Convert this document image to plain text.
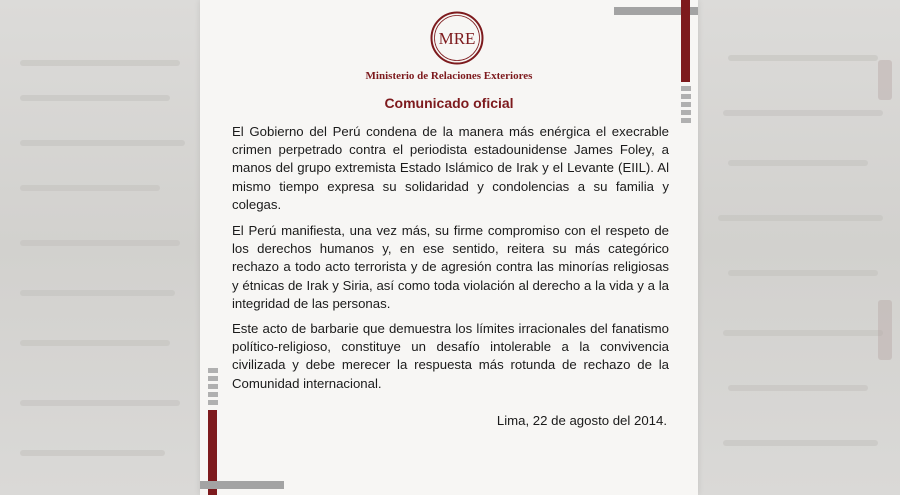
MRE
Ministerio de Relaciones Exteriores
Comunicado oficial

El Gobierno del Perú condena de la manera más enérgica el execrable crimen perpetrado contra el periodista estadounidense James Foley, a manos del grupo extremista Estado Islámico de Irak y el Levante (EIIL). Al mismo tiempo expresa su solidaridad y condolencias a su familia y colegas.

El Perú manifiesta, una vez más, su firme compromiso con el respeto de los derechos humanos y, en ese sentido, reitera su más categórico rechazo a todo acto terrorista y de agresión contra las minorías religiosas y étnicas de Irak y Siria, así como toda violación al derecho a la vida y a la integridad de las personas.

Este acto de barbarie que demuestra los límites irracionales del fanatismo político-religioso, constituye un desafío intolerable a la convivencia civilizada y debe merecer la respuesta más rotunda de rechazo de la Comunidad internacional.

Lima, 22 de agosto del 2014.
